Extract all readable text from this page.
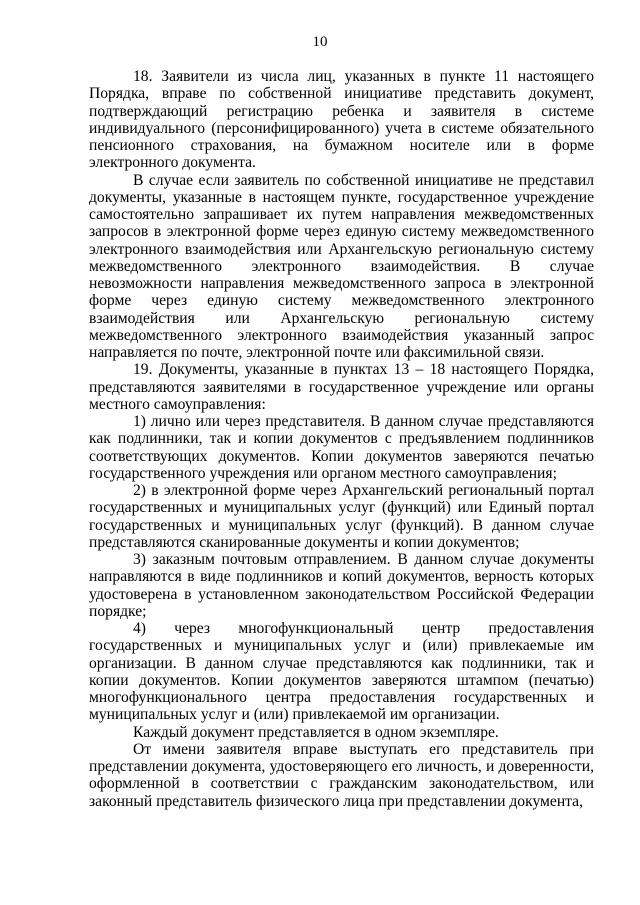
10

18. Заявители из числа лиц, указанных в пункте 11 настоящего Порядка, вправе по собственной инициативе представить документ, подтверждающий регистрацию ребенка и заявителя в системе индивидуального (персонифицированного) учета в системе обязательного пенсионного страхования, на бумажном носителе или в форме электронного документа.

В случае если заявитель по собственной инициативе не представил документы, указанные в настоящем пункте, государственное учреждение самостоятельно запрашивает их путем направления межведомственных запросов в электронной форме через единую систему межведомственного электронного взаимодействия или Архангельскую региональную систему межведомственного электронного взаимодействия. В случае невозможности направления межведомственного запроса в электронной форме через единую систему межведомственного электронного взаимодействия или Архангельскую региональную систему межведомственного электронного взаимодействия указанный запрос направляется по почте, электронной почте или факсимильной связи.

19. Документы, указанные в пунктах 13 – 18 настоящего Порядка, представляются заявителями в государственное учреждение или органы местного самоуправления:

1) лично или через представителя. В данном случае представляются как подлинники, так и копии документов с предъявлением подлинников соответствующих документов. Копии документов заверяются печатью государственного учреждения или органом местного самоуправления;

2) в электронной форме через Архангельский региональный портал государственных и муниципальных услуг (функций) или Единый портал государственных и муниципальных услуг (функций). В данном случае представляются сканированные документы и копии документов;

3) заказным почтовым отправлением. В данном случае документы направляются в виде подлинников и копий документов, верность которых удостоверена в установленном законодательством Российской Федерации порядке;

4) через многофункциональный центр предоставления государственных и муниципальных услуг и (или) привлекаемые им организации. В данном случае представляются как подлинники, так и копии документов. Копии документов заверяются штампом (печатью) многофункционального центра предоставления государственных и муниципальных услуг и (или) привлекаемой им организации.

Каждый документ представляется в одном экземпляре.

От имени заявителя вправе выступать его представитель при представлении документа, удостоверяющего его личность, и доверенности, оформленной в соответствии с гражданским законодательством, или законный представитель физического лица при представлении документа,
